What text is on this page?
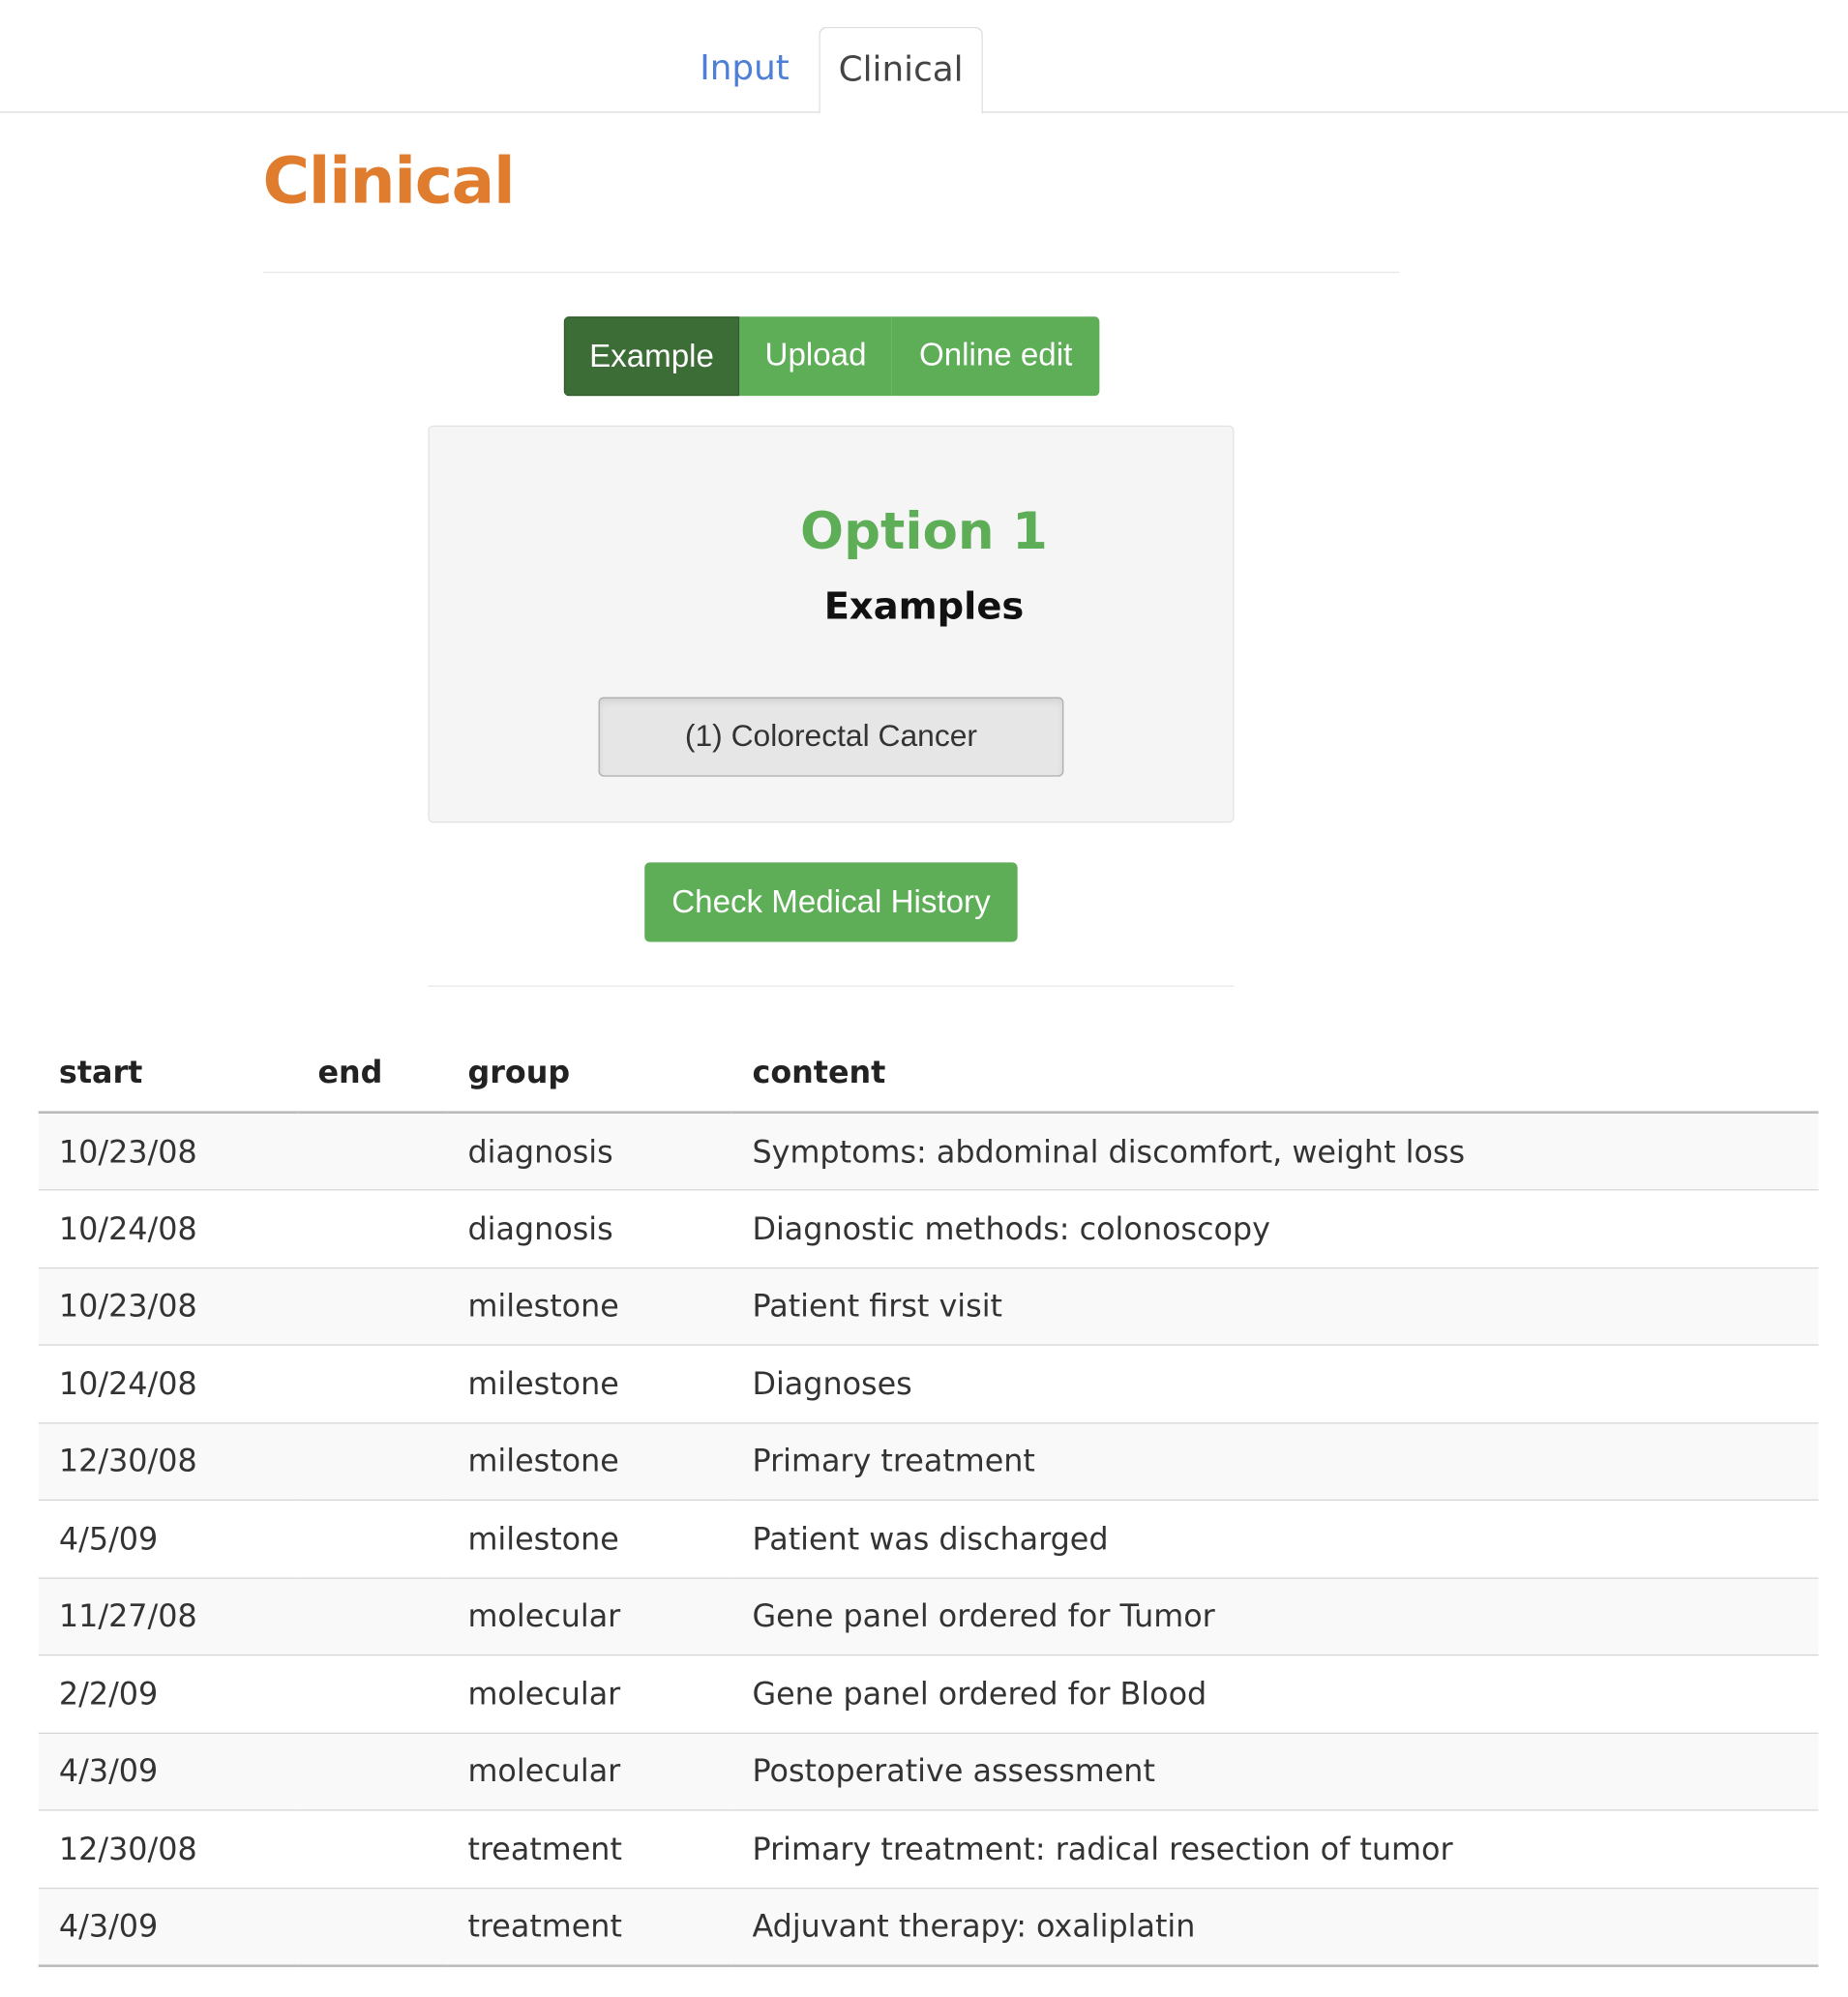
Input	Clinical
Clinical
Example	Upload	Online edit
Option 1
Examples
(1) Colorectal Cancer
Check Medical History
start	end	group	content
10/23/08		diagnosis	Symptoms: abdominal discomfort, weight loss
10/24/08		diagnosis	Diagnostic methods: colonoscopy
10/23/08		milestone	Patient first visit
10/24/08		milestone	Diagnoses
12/30/08		milestone	Primary treatment
4/5/09		milestone	Patient was discharged
11/27/08		molecular	Gene panel ordered for Tumor
2/2/09		molecular	Gene panel ordered for Blood
4/3/09		molecular	Postoperative assessment
12/30/08		treatment	Primary treatment: radical resection of tumor
4/3/09		treatment	Adjuvant therapy: oxaliplatin
